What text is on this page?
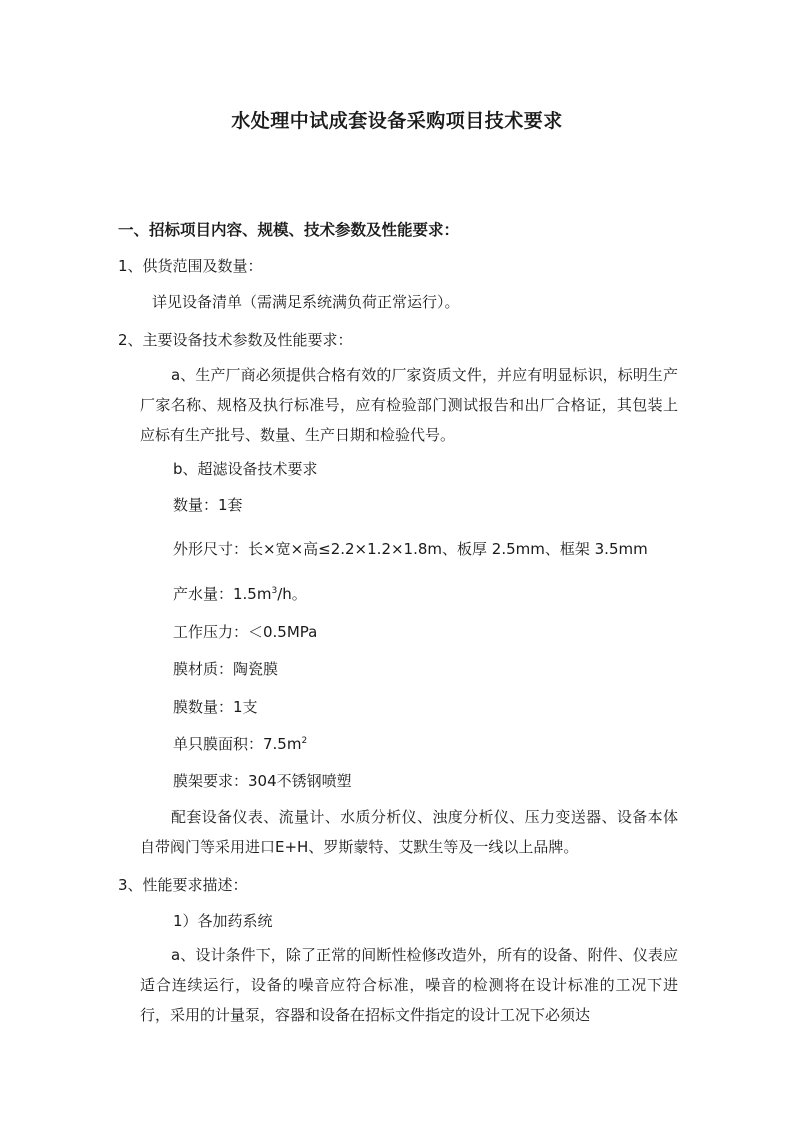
水处理中试成套设备采购项目技术要求
一、招标项目内容、规模、技术参数及性能要求：
1、供货范围及数量：
详见设备清单（需满足系统满负荷正常运行）。
2、主要设备技术参数及性能要求：
a、生产厂商必须提供合格有效的厂家资质文件，并应有明显标识，标明生产厂家名称、规格及执行标准号，应有检验部门测试报告和出厂合格证，其包装上应标有生产批号、数量、生产日期和检验代号。
b、超滤设备技术要求
数量：1套
外形尺寸：长×宽×高≤2.2×1.2×1.8m、板厚 2.5mm、框架 3.5mm
产水量：$1.5m^3/h$。
工作压力：＜0.5MPa
膜材质：陶瓷膜
膜数量：1支
单只膜面积：$7.5m^2$
膜架要求：304不锈钢喷塑
配套设备仪表、流量计、水质分析仪、浊度分析仪、压力变送器、设备本体自带阀门等采用进口E+H、罗斯蒙特、艾默生等及一线以上品牌。
3、性能要求描述：
1）各加药系统
a、设计条件下，除了正常的间断性检修改造外，所有的设备、附件、仪表应适合连续运行，设备的噪音应符合标准，噪音的检测将在设计标准的工况下进行，采用的计量泵，容器和设备在招标文件指定的设计工况下必须达
